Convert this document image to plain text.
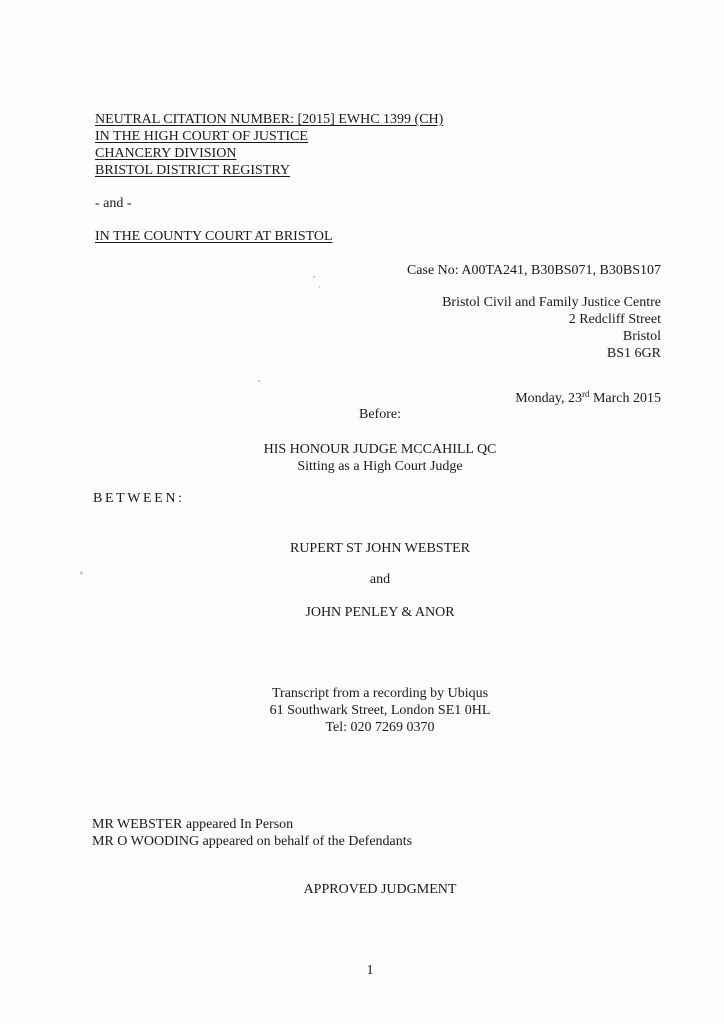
NEUTRAL CITATION NUMBER: [2015] EWHC 1399 (CH)
IN THE HIGH COURT OF JUSTICE
CHANCERY DIVISION
BRISTOL DISTRICT REGISTRY
- and -
IN THE COUNTY COURT AT BRISTOL
Case No: A00TA241, B30BS071, B30BS107
Bristol Civil and Family Justice Centre
2 Redcliff Street
Bristol
BS1 6GR
Monday, 23rd March 2015
Before:
HIS HONOUR JUDGE MCCAHILL QC
Sitting as a High Court Judge
BETWEEN:
RUPERT ST JOHN WEBSTER
and
JOHN PENLEY & ANOR
Transcript from a recording by Ubiqus
61 Southwark Street, London SE1 0HL
Tel: 020 7269 0370
MR WEBSTER appeared In Person
MR O WOODING appeared on behalf of the Defendants
APPROVED JUDGMENT
1
